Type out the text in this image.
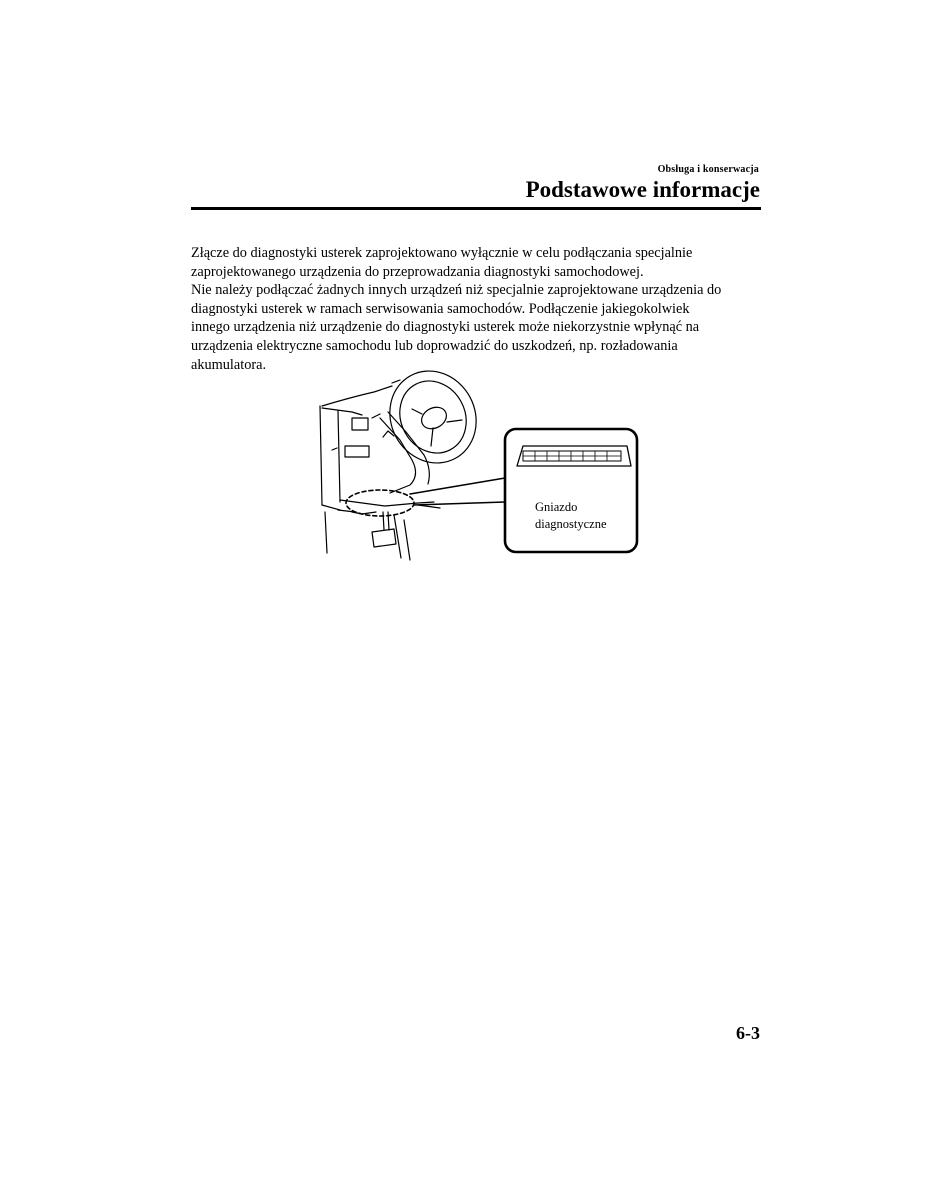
Obsługa i konserwacja
Podstawowe informacje

Złącze do diagnostyki usterek zaprojektowano wyłącznie w celu podłączania specjalnie
zaprojektowanego urządzenia do przeprowadzania diagnostyki samochodowej.
Nie należy podłączać żadnych innych urządzeń niż specjalnie zaprojektowane urządzenia do
diagnostyki usterek w ramach serwisowania samochodów. Podłączenie jakiegokolwiek
innego urządzenia niż urządzenie do diagnostyki usterek może niekorzystnie wpłynąć na
urządzenia elektryczne samochodu lub doprowadzić do uszkodzeń, np. rozładowania
akumulatora.

Gniazdo
diagnostyczne
6-3
